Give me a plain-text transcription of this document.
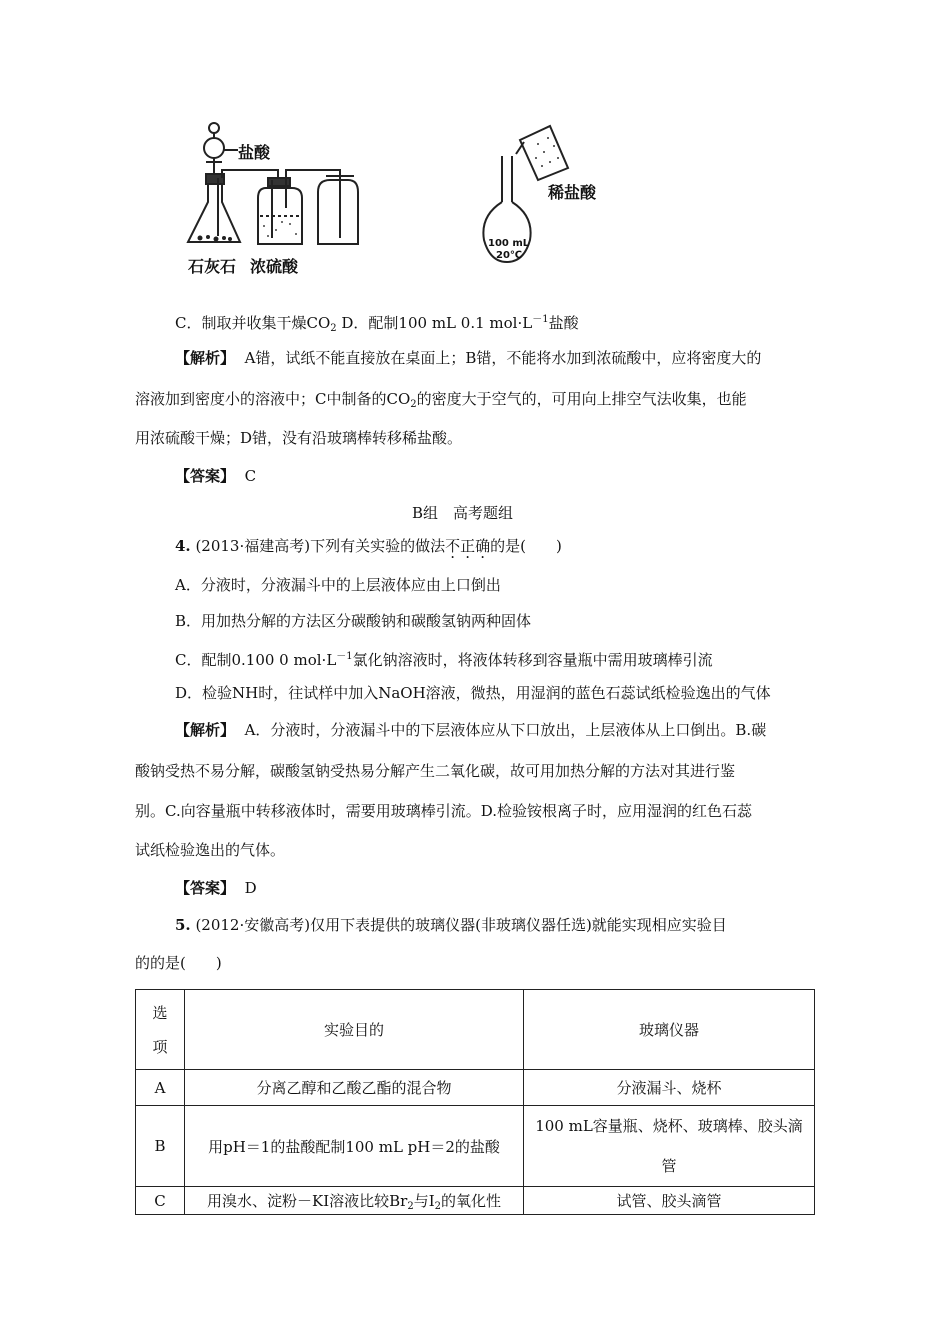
盐酸
石灰石 浓硫酸
稀盐酸
100 mL
20℃
C．制取并收集干燥$CO_2$ D．配制100 mL 0.1 $mol\cdot L^{-1}$盐酸
【解析】 A错，试纸不能直接放在桌面上；B错，不能将水加到浓硫酸中，应将密度大的
溶液加到密度小的溶液中；C中制备的$CO_2$的密度大于空气的，可用向上排空气法收集，也能
用浓硫酸干燥；D错，没有沿玻璃棒转移稀盐酸。
【答案】 C
B组　高考题组
4. (2013·福建高考)下列有关实验的做法不正确的是(　　)
A．分液时，分液漏斗中的上层液体应由上口倒出
B．用加热分解的方法区分碳酸钠和碳酸氢钠两种固体
C．配制0.100 0 $mol\cdot L^{-1}$氯化钠溶液时，将液体转移到容量瓶中需用玻璃棒引流
D．检验NH时，往试样中加入NaOH溶液，微热，用湿润的蓝色石蕊试纸检验逸出的气体
【解析】 A．分液时，分液漏斗中的下层液体应从下口放出，上层液体从上口倒出。B.碳
酸钠受热不易分解，碳酸氢钠受热易分解产生二氧化碳，故可用加热分解的方法对其进行鉴
别。C.向容量瓶中转移液体时，需要用玻璃棒引流。D.检验铵根离子时，应用湿润的红色石蕊
试纸检验逸出的气体。
【答案】 D
5. (2012·安徽高考)仅用下表提供的玻璃仪器(非玻璃仪器任选)就能实现相应实验目
的的是(　　)
选
项	实验目的	玻璃仪器
A	分离乙醇和乙酸乙酯的混合物	分液漏斗、烧杯
B	用pH＝1的盐酸配制100 mL pH＝2的盐酸	100 mL容量瓶、烧杯、玻璃棒、胶头滴
管

C	用溴水、淀粉－KI溶液比较$Br_2$与$I_2$的氧化性	试管、胶头滴管
